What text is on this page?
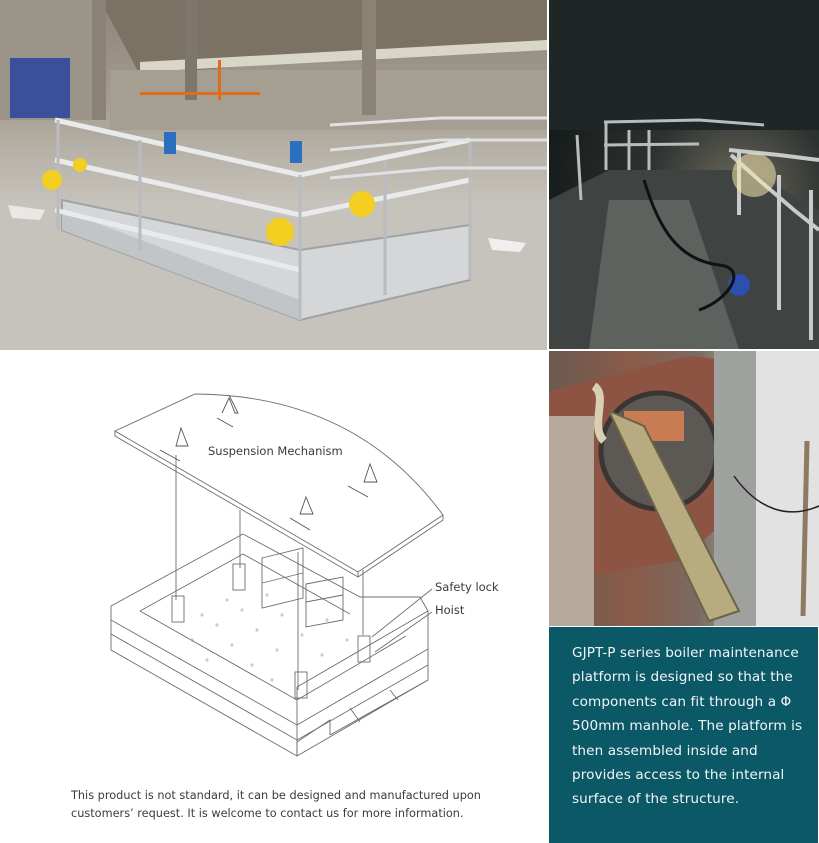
GJPT-P series boiler maintenance
platform is designed so that the
components can fit through a Φ
500mm manhole. The platform is
then assembled inside and
provides access to the internal
surface of the structure.
Suspension Mechanism
Safety lock
Hoist
This product is not standard, it can be designed and manufactured upon
customers’ request. It is welcome to contact us for more information.
